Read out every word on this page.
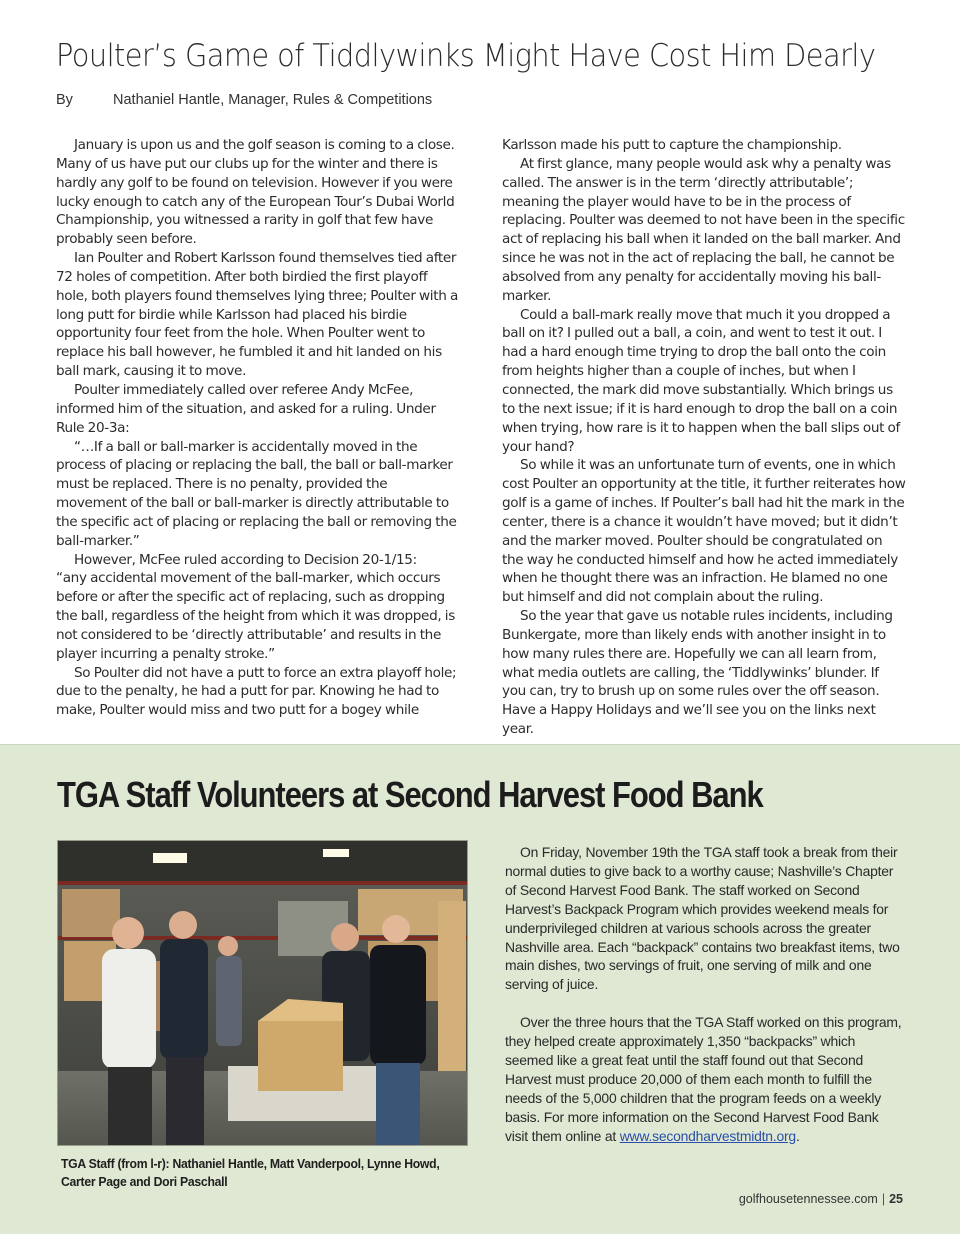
Poulter’s Game of Tiddlywinks Might Have Cost Him Dearly
By	Nathaniel Hantle, Manager, Rules & Competitions

January is upon us and the golf season is coming to a close. Many of us have put our clubs up for the winter and there is hardly any golf to be found on television. However if you were lucky enough to catch any of the European Tour’s Dubai World Championship, you witnessed a rarity in golf that few have probably seen before.

Ian Poulter and Robert Karlsson found themselves tied after 72 holes of competition. After both birdied the first playoff hole, both players found themselves lying three; Poulter with a long putt for birdie while Karlsson had placed his birdie opportunity four feet from the hole. When Poulter went to replace his ball however, he fumbled it and hit landed on his ball mark, causing it to move.

Poulter immediately called over referee Andy McFee, informed him of the situation, and asked for a ruling. Under Rule 20-3a:

“…If a ball or ball-marker is accidentally moved in the process of placing or replacing the ball, the ball or ball-marker must be replaced. There is no penalty, provided the movement of the ball or ball-marker is directly attributable to the specific act of placing or replacing the ball or removing the ball-marker.”

However, McFee ruled according to Decision 20-1/15:

“any accidental movement of the ball-marker, which occurs before or after the specific act of replacing, such as dropping the ball, regardless of the height from which it was dropped, is not considered to be ‘directly attributable’ and results in the player incurring a penalty stroke.”

So Poulter did not have a putt to force an extra playoff hole; due to the penalty, he had a putt for par. Knowing he had to make, Poulter would miss and two putt for a bogey while

Karlsson made his putt to capture the championship.

At first glance, many people would ask why a penalty was called. The answer is in the term ‘directly attributable’; meaning the player would have to be in the process of replacing. Poulter was deemed to not have been in the specific act of replacing his ball when it landed on the ball marker. And since he was not in the act of replacing the ball, he cannot be absolved from any penalty for accidentally moving his ball-marker.

Could a ball-mark really move that much it you dropped a ball on it? I pulled out a ball, a coin, and went to test it out. I had a hard enough time trying to drop the ball onto the coin from heights higher than a couple of inches, but when I connected, the mark did move substantially. Which brings us to the next issue; if it is hard enough to drop the ball on a coin when trying, how rare is it to happen when the ball slips out of your hand?

So while it was an unfortunate turn of events, one in which cost Poulter an opportunity at the title, it further reiterates how golf is a game of inches. If Poulter’s ball had hit the mark in the center, there is a chance it wouldn’t have moved; but it didn’t and the marker moved. Poulter should be congratulated on the way he conducted himself and how he acted immediately when he thought there was an infraction. He blamed no one but himself and did not complain about the ruling.

So the year that gave us notable rules incidents, including Bunkergate, more than likely ends with another insight in to how many rules there are. Hopefully we can all learn from, what media outlets are calling, the ‘Tiddlywinks’ blunder. If you can, try to brush up on some rules over the off season. Have a Happy Holidays and we’ll see you on the links next year.

TGA Staff Volunteers at Second Harvest Food Bank
TGA Staff (from l-r): Nathaniel Hantle, Matt Vanderpool, Lynne Howd, Carter Page and Dori Paschall

On Friday, November 19th the TGA staff took a break from their normal duties to give back to a worthy cause; Nashville’s Chapter of Second Harvest Food Bank. The staff worked on Second Harvest’s Backpack Program which provides weekend meals for underprivileged children at various schools across the greater Nashville area. Each “backpack” contains two breakfast items, two main dishes, two servings of fruit, one serving of milk and one serving of juice.

Over the three hours that the TGA Staff worked on this program, they helped create approximately 1,350 “backpacks” which seemed like a great feat until the staff found out that Second Harvest must produce 20,000 of them each month to fulfill the needs of the 5,000 children that the program feeds on a weekly basis. For more information on the Second Harvest Food Bank visit them online at www.secondharvestmidtn.org.

golfhousetennessee.com | 25
